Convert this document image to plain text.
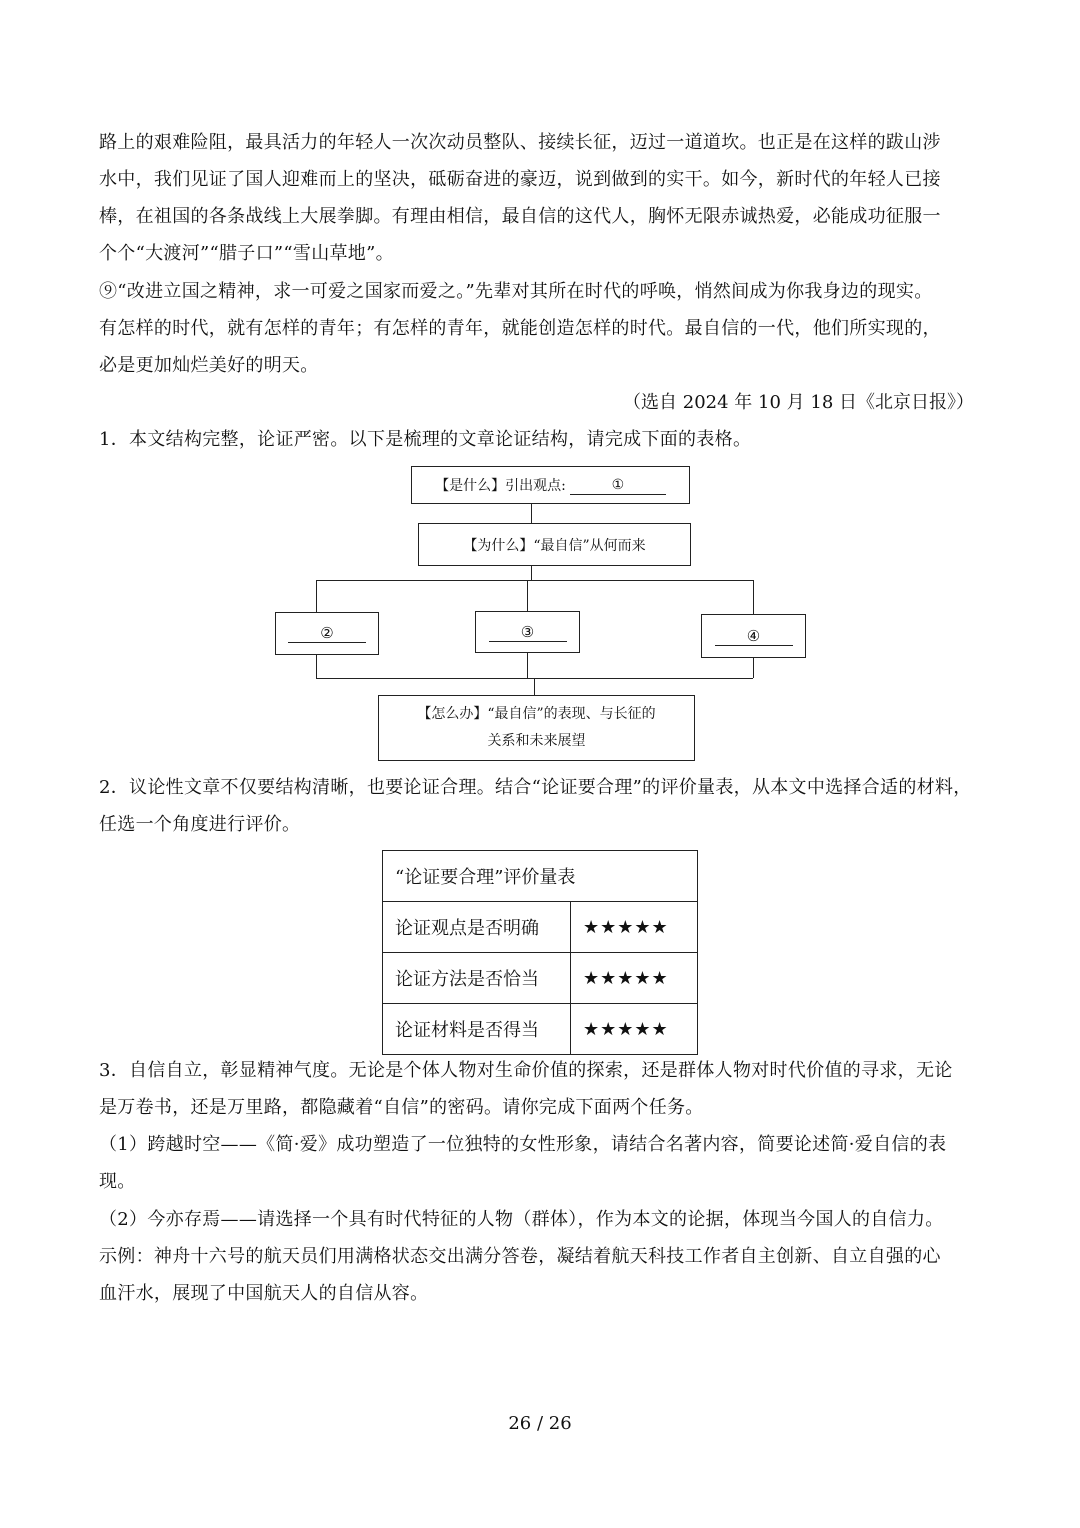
路上的艰难险阻，最具活力的年轻人一次次动员整队、接续长征，迈过一道道坎。也正是在这样的跋山涉
水中，我们见证了国人迎难而上的坚决，砥砺奋进的豪迈，说到做到的实干。如今，新时代的年轻人已接
棒，在祖国的各条战线上大展拳脚。有理由相信，最自信的这代人，胸怀无限赤诚热爱，必能成功征服一
个个“大渡河”“腊子口”“雪山草地”。
⑨“改进立国之精神，求一可爱之国家而爱之。”先辈对其所在时代的呼唤，悄然间成为你我身边的现实。
有怎样的时代，就有怎样的青年；有怎样的青年，就能创造怎样的时代。最自信的一代，他们所实现的，
必是更加灿烂美好的明天。
（选自 2024 年 10 月 18 日《北京日报》）
1．本文结构完整，论证严密。以下是梳理的文章论证结构，请完成下面的表格。
【是什么】引出观点:	①
【为什么】“最自信”从何而来
②	③	④
【怎么办】“最自信”的表现、与长征的
关系和未来展望
2．议论性文章不仅要结构清晰，也要论证合理。结合“论证要合理”的评价量表，从本文中选择合适的材料，
任选一个角度进行评价。
“论证要合理”评价量表	
论证观点是否明确	★★★★★
论证方法是否恰当	★★★★★
论证材料是否得当	★★★★★
3．自信自立，彰显精神气度。无论是个体人物对生命价值的探索，还是群体人物对时代价值的寻求，无论
是万卷书，还是万里路，都隐藏着“自信”的密码。请你完成下面两个任务。
（1）跨越时空——《简·爱》成功塑造了一位独特的女性形象，请结合名著内容，简要论述简·爱自信的表
现。
（2）今亦存焉——请选择一个具有时代特征的人物（群体），作为本文的论据，体现当今国人的自信力。
示例：神舟十六号的航天员们用满格状态交出满分答卷，凝结着航天科技工作者自主创新、自立自强的心
血汗水，展现了中国航天人的自信从容。
26 / 26
